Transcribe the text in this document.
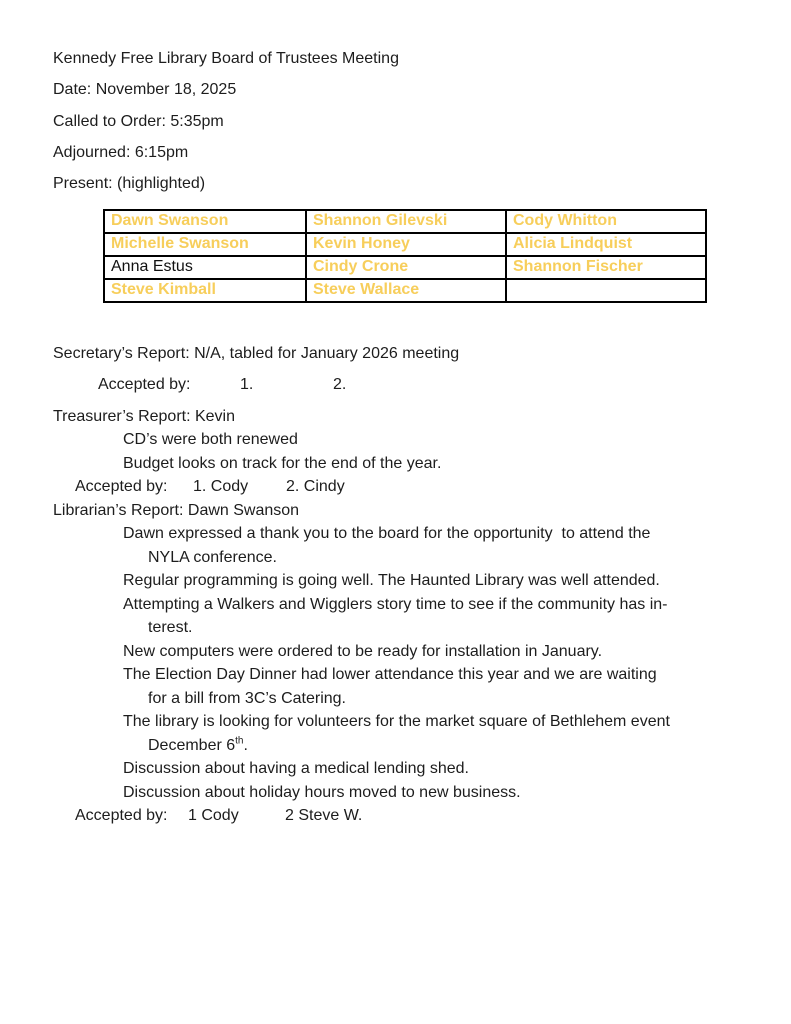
Kennedy Free Library Board of Trustees Meeting

Date: November 18, 2025

Called to Order: 5:35pm

Adjourned: 6:15pm

Present: (highlighted)

Dawn Swanson	Shannon Gilevski	Cody Whitton
Michelle Swanson	Kevin Honey	Alicia Lindquist
Anna Estus	Cindy Crone	Shannon Fischer
Steve Kimball	Steve Wallace	

Secretary’s Report: N/A, tabled for January 2026 meeting

Accepted by:	1.	2.

Treasurer’s Report: Kevin

CD’s were both renewed

Budget looks on track for the end of the year.

Accepted by: 1. Cody 2. Cindy

Librarian’s Report: Dawn Swanson

Dawn expressed a thank you to the board for the opportunity  to attend the

NYLA conference.

Regular programming is going well. The Haunted Library was well attended.

Attempting a Walkers and Wigglers story time to see if the community has in-

terest.

New computers were ordered to be ready for installation in January.

The Election Day Dinner had lower attendance this year and we are waiting

for a bill from 3C’s Catering.

The library is looking for volunteers for the market square of Bethlehem event

December 6th.

Discussion about having a medical lending shed.

Discussion about holiday hours moved to new business.

Accepted by: 1 Cody	2 Steve W.
